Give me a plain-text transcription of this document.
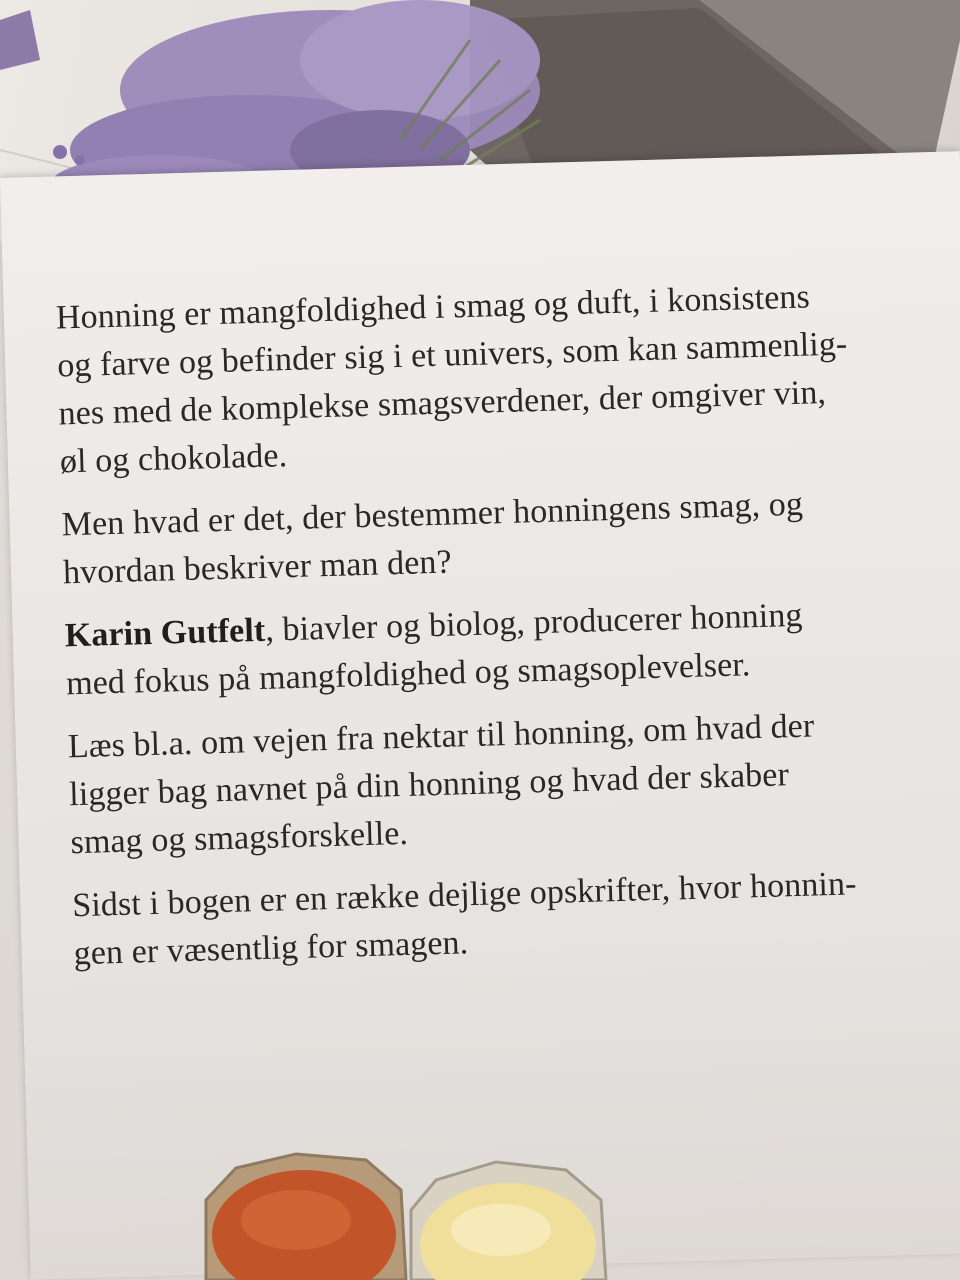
Honning er mangfoldighed i smag og duft, i konsistens
og farve og befinder sig i et univers, som kan sammenlig-
nes med de komplekse smagsverdener, der omgiver vin,
øl og chokolade.

Men hvad er det, der bestemmer honningens smag, og
hvordan beskriver man den?

Karin Gutfelt, biavler og biolog, producerer honning
med fokus på mangfoldighed og smagsoplevelser.

Læs bl.a. om vejen fra nektar til honning, om hvad der
ligger bag navnet på din honning og hvad der skaber
smag og smagsforskelle.

Sidst i bogen er en række dejlige opskrifter, hvor honnin-
gen er væsentlig for smagen.
